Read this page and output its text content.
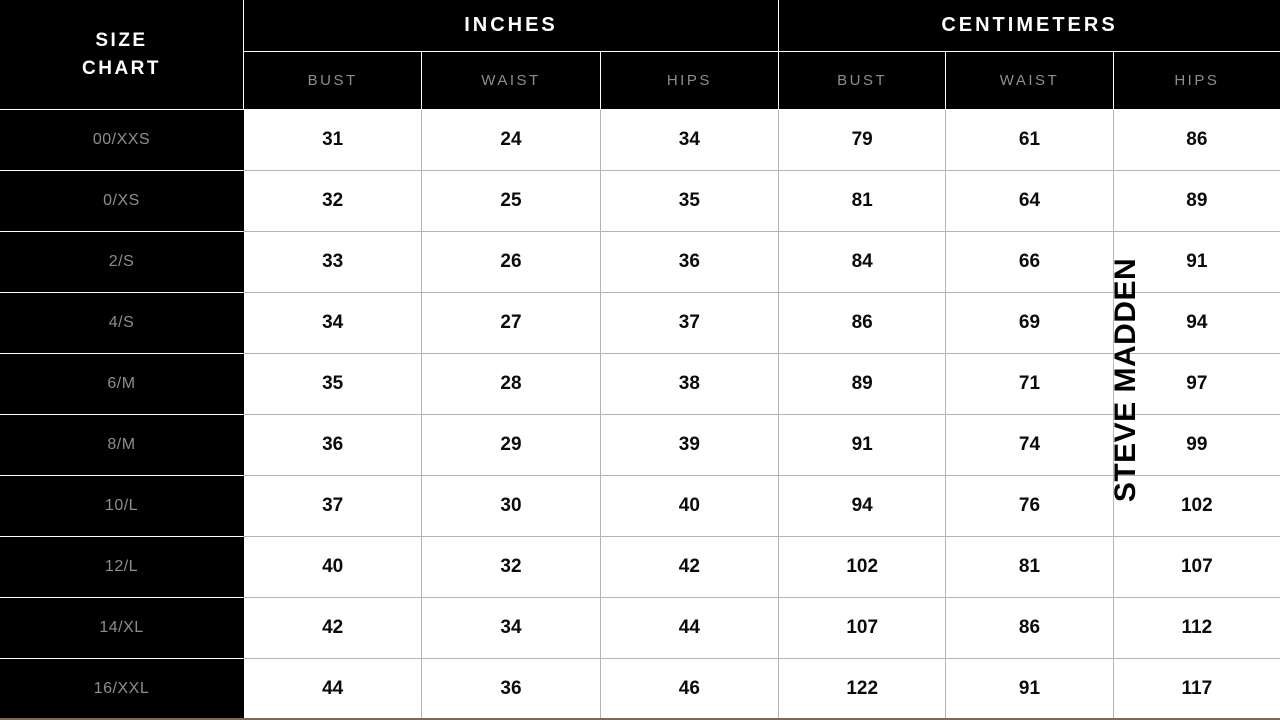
SIZE
CHART
INCHES
BUST	WAIST	HIPS
CENTIMETERS
BUST	WAIST	HIPS
00/XXS	31	24	34	79	61	86
0/XS	32	25	35	81	64	89
2/S	33	26	36	84	66	91
4/S	34	27	37	86	69	94
6/M	35	28	38	89	71	97
8/M	36	29	39	91	74	99
10/L	37	30	40	94	76	102
12/L	40	32	42	102	81	107
14/XL	42	34	44	107	86	112
16/XXL	44	36	46	122	91	117
STEVE MADDEN
